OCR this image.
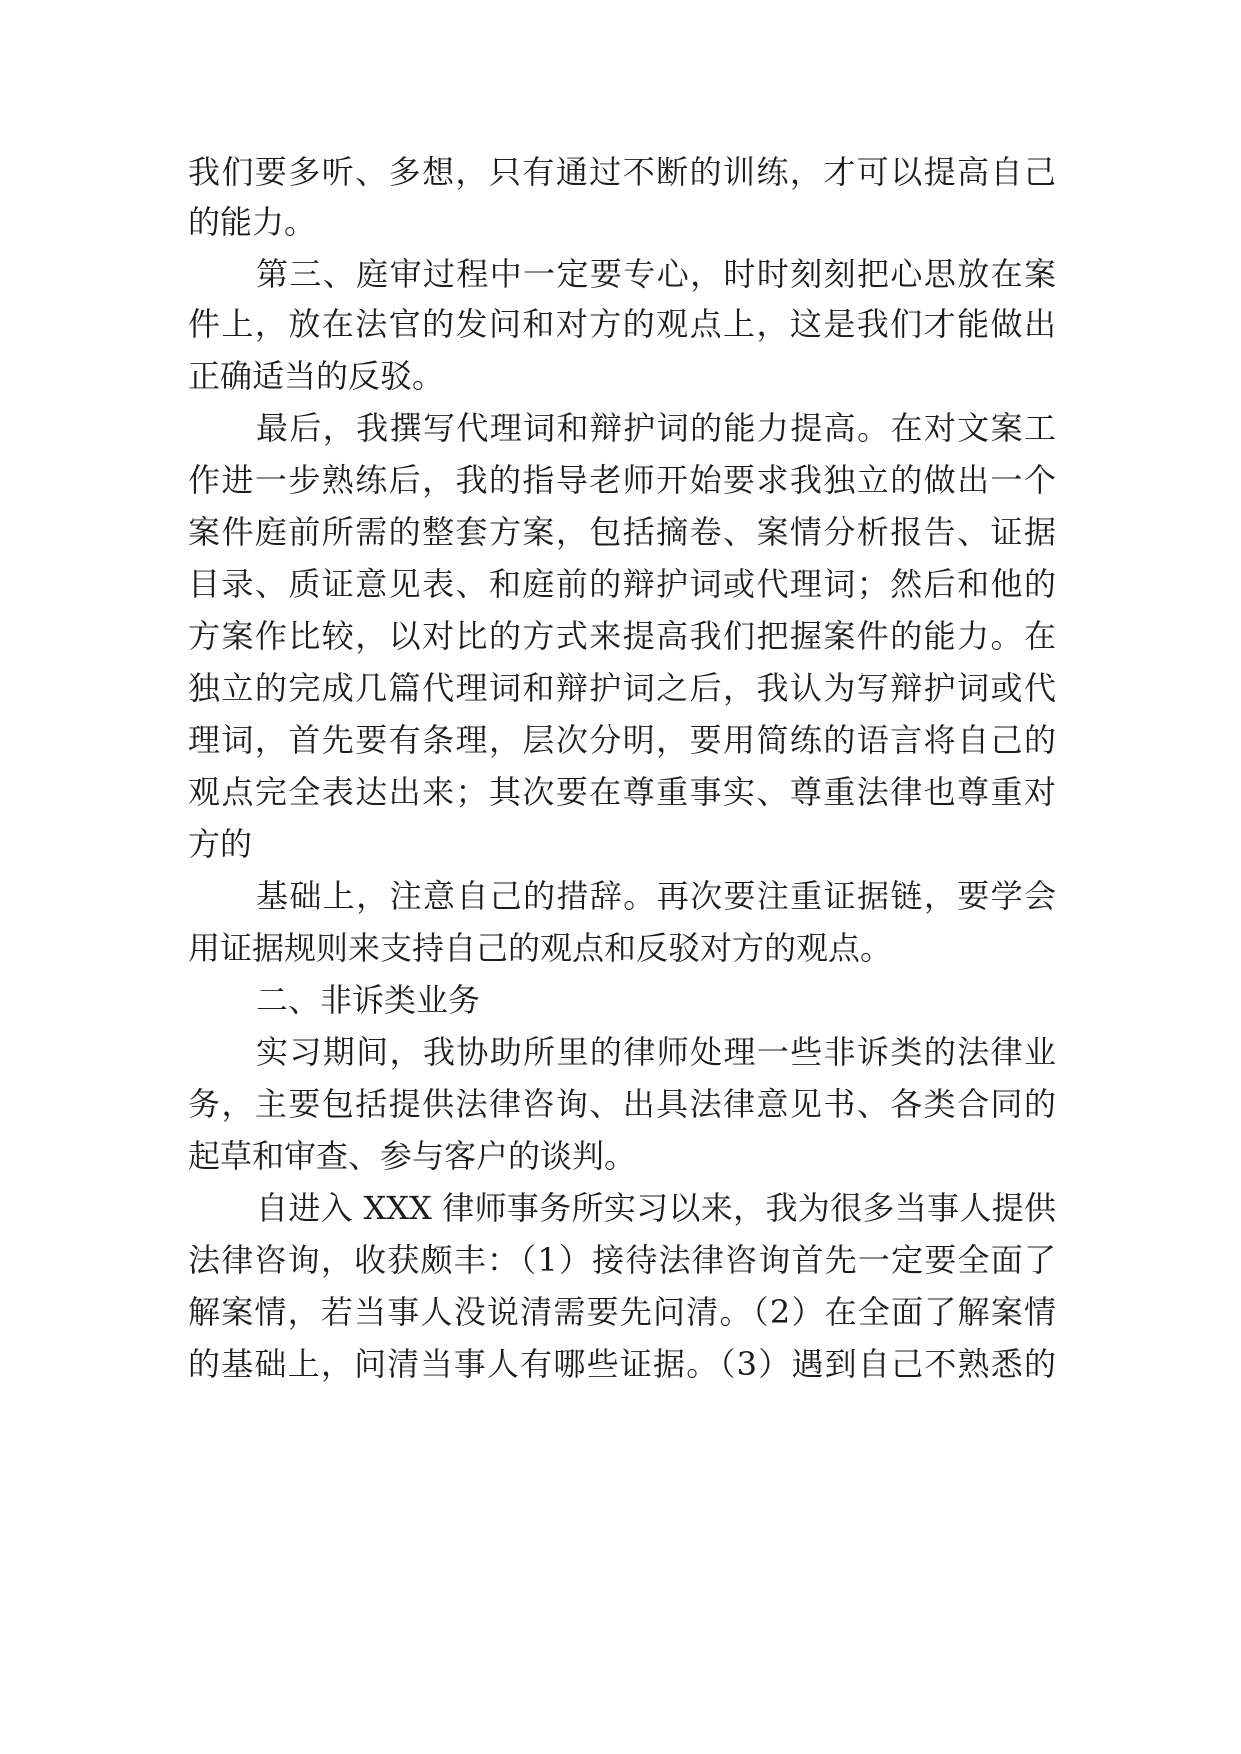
我们要多听、多想，只有通过不断的训练，才可以提高自己
的能力。
第三、庭审过程中一定要专心，时时刻刻把心思放在案
件上，放在法官的发问和对方的观点上，这是我们才能做出
正确适当的反驳。
最后，我撰写代理词和辩护词的能力提高。在对文案工
作进一步熟练后，我的指导老师开始要求我独立的做出一个
案件庭前所需的整套方案，包括摘卷、案情分析报告、证据
目录、质证意见表、和庭前的辩护词或代理词；然后和他的
方案作比较，以对比的方式来提高我们把握案件的能力。在
独立的完成几篇代理词和辩护词之后，我认为写辩护词或代
理词，首先要有条理，层次分明，要用简练的语言将自己的
观点完全表达出来；其次要在尊重事实、尊重法律也尊重对
方的
基础上，注意自己的措辞。再次要注重证据链，要学会
用证据规则来支持自己的观点和反驳对方的观点。
二、非诉类业务
实习期间，我协助所里的律师处理一些非诉类的法律业
务，主要包括提供法律咨询、出具法律意见书、各类合同的
起草和审查、参与客户的谈判。
自进入 XXX 律师事务所实习以来，我为很多当事人提供
法律咨询，收获颇丰：（1）接待法律咨询首先一定要全面了
解案情，若当事人没说清需要先问清。（2）在全面了解案情
的基础上，问清当事人有哪些证据。（3）遇到自己不熟悉的
